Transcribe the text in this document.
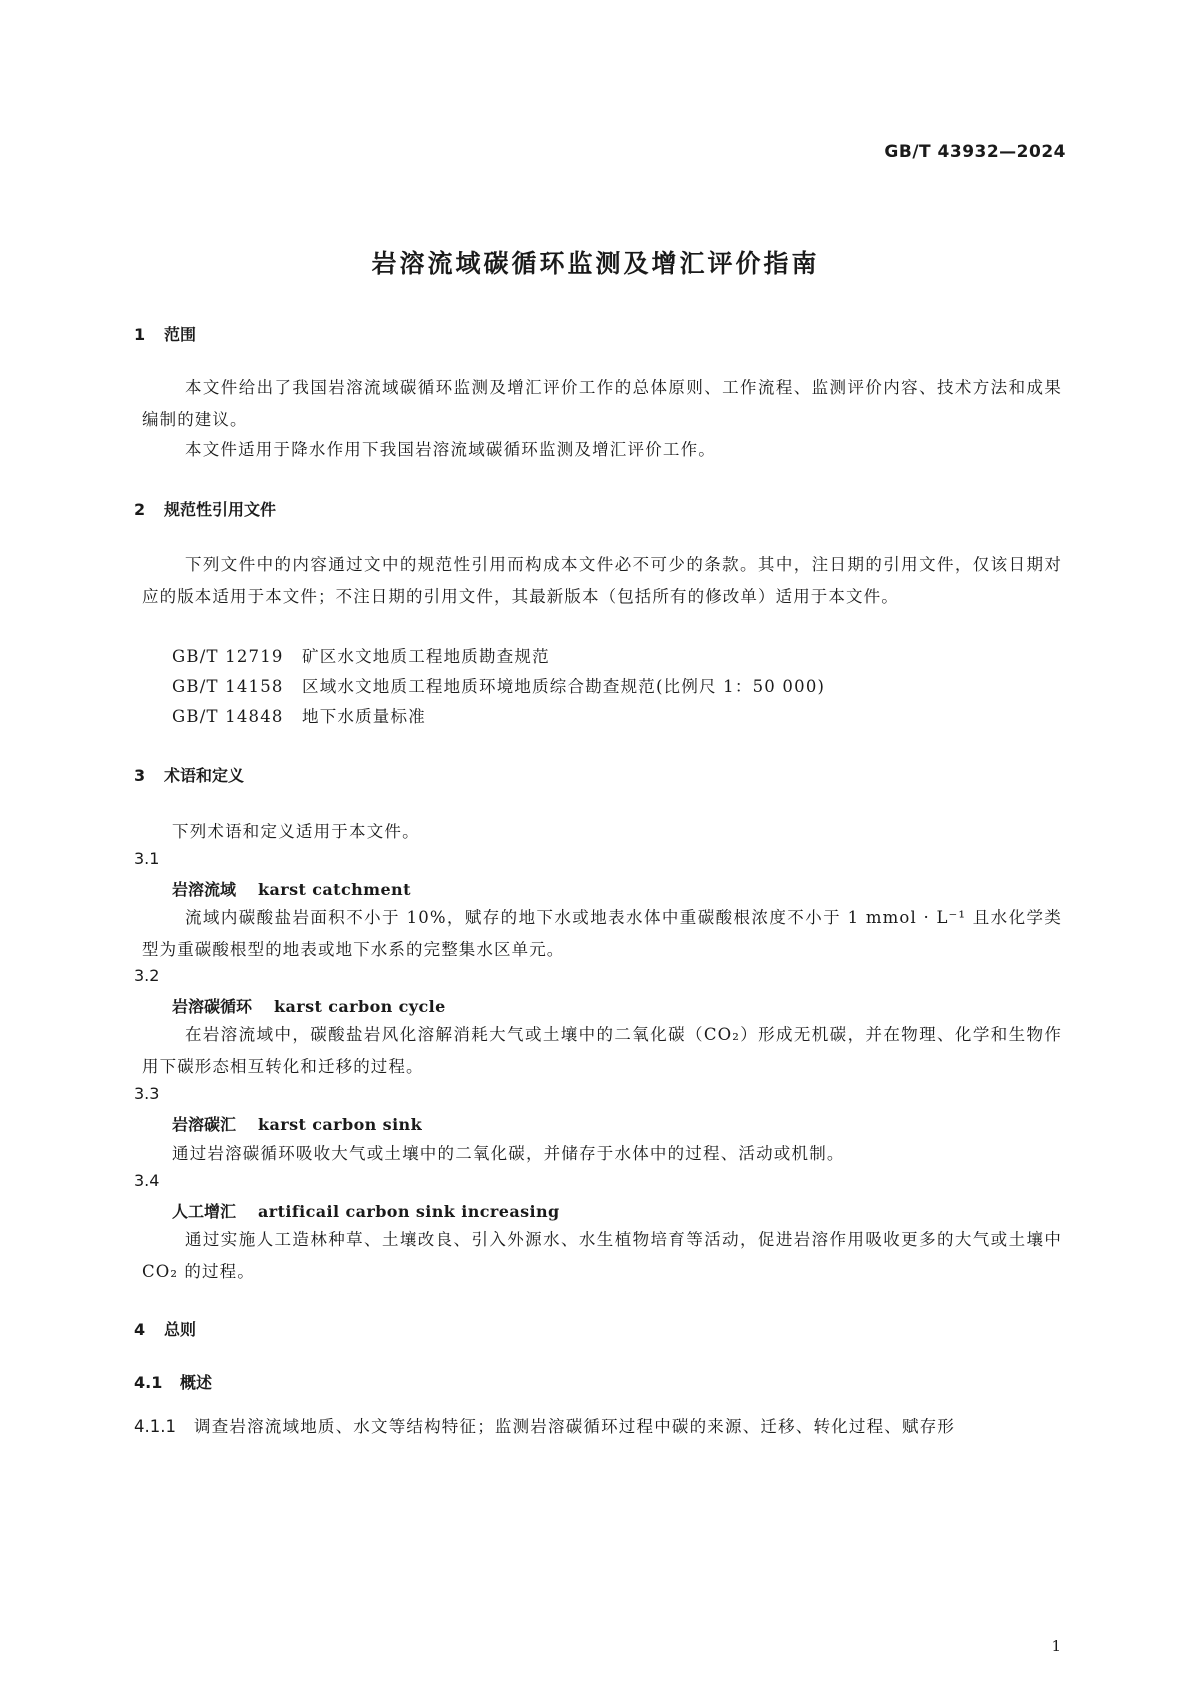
GB/T 43932—2024
岩溶流域碳循环监测及增汇评价指南
1 范围
本文件给出了我国岩溶流域碳循环监测及增汇评价工作的总体原则、工作流程、监测评价内容、技术方法和成果编制的建议。
本文件适用于降水作用下我国岩溶流域碳循环监测及增汇评价工作。
2 规范性引用文件
下列文件中的内容通过文中的规范性引用而构成本文件必不可少的条款。其中，注日期的引用文件，仅该日期对应的版本适用于本文件；不注日期的引用文件，其最新版本（包括所有的修改单）适用于本文件。
GB/T 12719 矿区水文地质工程地质勘查规范
GB/T 14158 区域水文地质工程地质环境地质综合勘查规范(比例尺 1：50 000)
GB/T 14848 地下水质量标准
3 术语和定义
下列术语和定义适用于本文件。
3.1
岩溶流域 karst catchment
流域内碳酸盐岩面积不小于 10%，赋存的地下水或地表水体中重碳酸根浓度不小于 1 mmol · L⁻¹ 且水化学类型为重碳酸根型的地表或地下水系的完整集水区单元。
3.2
岩溶碳循环 karst carbon cycle
在岩溶流域中，碳酸盐岩风化溶解消耗大气或土壤中的二氧化碳（CO₂）形成无机碳，并在物理、化学和生物作用下碳形态相互转化和迁移的过程。
3.3
岩溶碳汇 karst carbon sink
通过岩溶碳循环吸收大气或土壤中的二氧化碳，并储存于水体中的过程、活动或机制。
3.4
人工增汇 artificail carbon sink increasing
通过实施人工造林种草、土壤改良、引入外源水、水生植物培育等活动，促进岩溶作用吸收更多的大气或土壤中 CO₂ 的过程。
4 总则
4.1 概述
4.1.1 调查岩溶流域地质、水文等结构特征；监测岩溶碳循环过程中碳的来源、迁移、转化过程、赋存形
1
